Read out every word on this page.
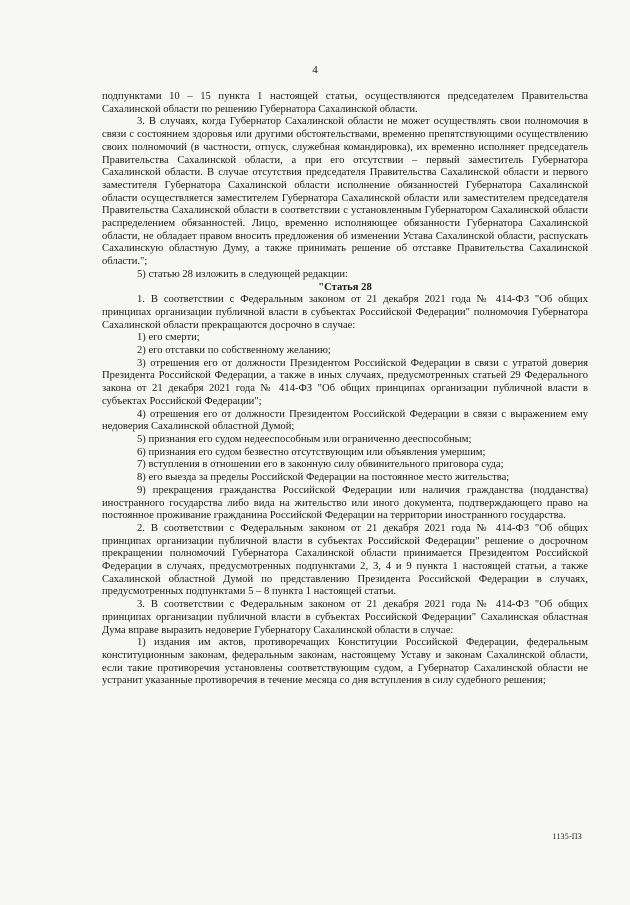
4

подпунктами 10 – 15 пункта 1 настоящей статьи, осуществляются председателем Правительства Сахалинской области по решению Губернатора Сахалинской области.

3. В случаях, когда Губернатор Сахалинской области не может осуществлять свои полномочия в связи с состоянием здоровья или другими обстоятельствами, временно препятствующими осуществлению своих полномочий (в частности, отпуск, служебная командировка), их временно исполняет председатель Правительства Сахалинской области, а при его отсутствии – первый заместитель Губернатора Сахалинской области. В случае отсутствия председателя Правительства Сахалинской области и первого заместителя Губернатора Сахалинской области исполнение обязанностей Губернатора Сахалинской области осуществляется заместителем Губернатора Сахалинской области или заместителем председателя Правительства Сахалинской области в соответствии с установленным Губернатором Сахалинской области распределением обязанностей. Лицо, временно исполняющее обязанности Губернатора Сахалинской области, не обладает правом вносить предложения об изменении Устава Сахалинской области, распускать Сахалинскую областную Думу, а также принимать решение об отставке Правительства Сахалинской области.";

5) статью 28 изложить в следующей редакции:

"Статья 28

1. В соответствии с Федеральным законом от 21 декабря 2021 года № 414-ФЗ "Об общих принципах организации публичной власти в субъектах Российской Федерации" полномочия Губернатора Сахалинской области прекращаются досрочно в случае:

1) его смерти;

2) его отставки по собственному желанию;

3) отрешения его от должности Президентом Российской Федерации в связи с утратой доверия Президента Российской Федерации, а также в иных случаях, предусмотренных статьей 29 Федерального закона от 21 декабря 2021 года № 414-ФЗ "Об общих принципах организации публичной власти в субъектах Российской Федерации";

4) отрешения его от должности Президентом Российской Федерации в связи с выражением ему недоверия Сахалинской областной Думой;

5) признания его судом недееспособным или ограниченно дееспособным;

6) признания его судом безвестно отсутствующим или объявления умершим;

7) вступления в отношении его в законную силу обвинительного приговора суда;

8) его выезда за пределы Российской Федерации на постоянное место жительства;

9) прекращения гражданства Российской Федерации или наличия гражданства (подданства) иностранного государства либо вида на жительство или иного документа, подтверждающего право на постоянное проживание гражданина Российской Федерации на территории иностранного государства.

2. В соответствии с Федеральным законом от 21 декабря 2021 года № 414-ФЗ "Об общих принципах организации публичной власти в субъектах Российской Федерации" решение о досрочном прекращении полномочий Губернатора Сахалинской области принимается Президентом Российской Федерации в случаях, предусмотренных подпунктами 2, 3, 4 и 9 пункта 1 настоящей статьи, а также Сахалинской областной Думой по представлению Президента Российской Федерации в случаях, предусмотренных подпунктами 5 – 8 пункта 1 настоящей статьи.

3. В соответствии с Федеральным законом от 21 декабря 2021 года № 414-ФЗ "Об общих принципах организации публичной власти в субъектах Российской Федерации" Сахалинская областная Дума вправе выразить недоверие Губернатору Сахалинской области в случае:

1) издания им актов, противоречащих Конституции Российской Федерации, федеральным конституционным законам, федеральным законам, настоящему Уставу и законам Сахалинской области, если такие противоречия установлены соответствующим судом, а Губернатор Сахалинской области не устранит указанные противоречия в течение месяца со дня вступления в силу судебного решения;

1135-ПЗ
